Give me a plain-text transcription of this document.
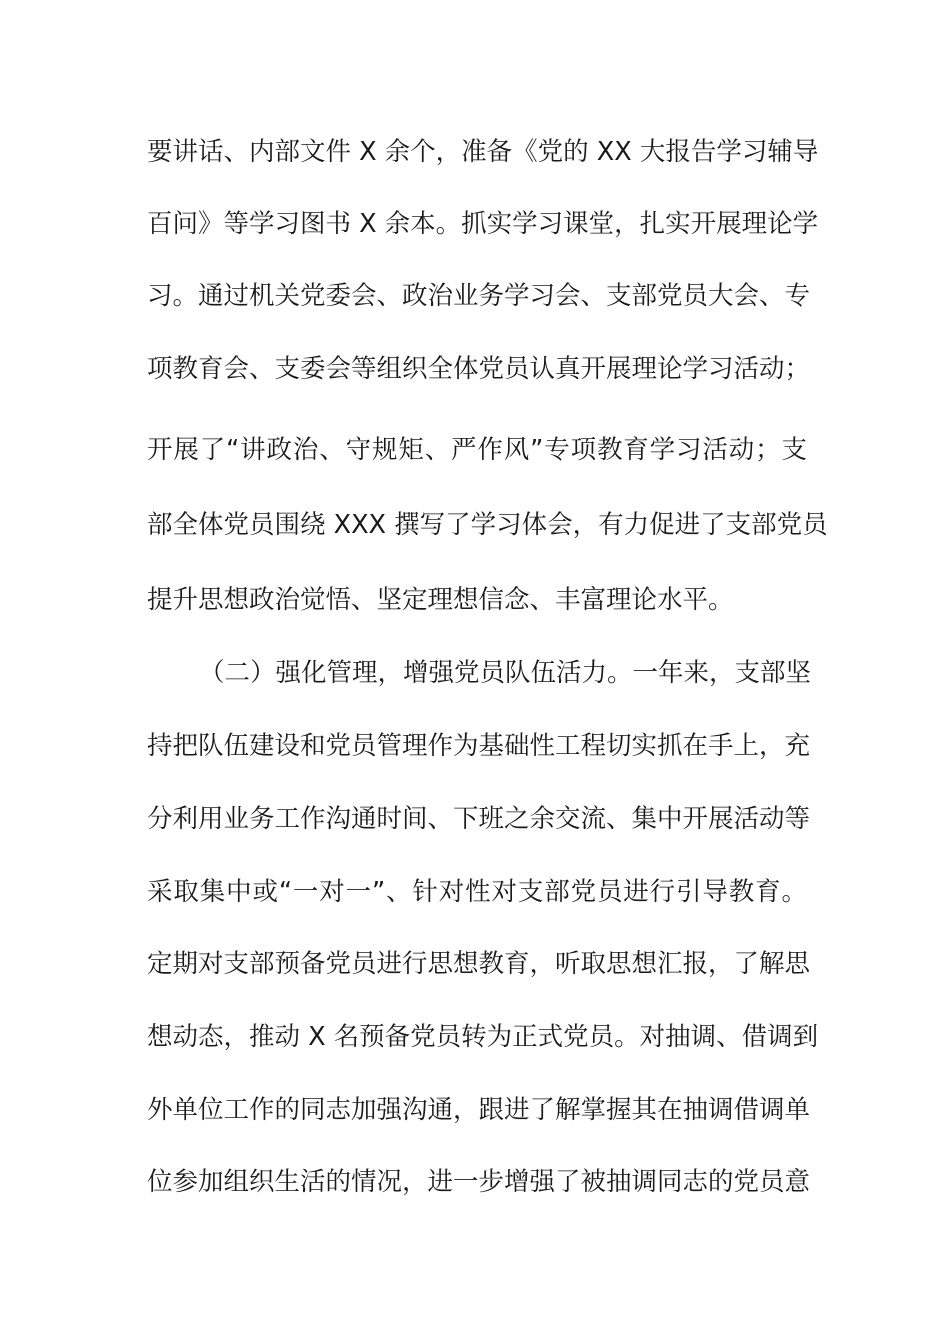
要讲话、内部文件 X 余个，准备《党的 XX 大报告学习辅导
百问》等学习图书 X 余本。抓实学习课堂，扎实开展理论学
习。通过机关党委会、政治业务学习会、支部党员大会、专
项教育会、支委会等组织全体党员认真开展理论学习活动；
开展了“讲政治、守规矩、严作风”专项教育学习活动；支
部全体党员围绕 XXX 撰写了学习体会，有力促进了支部党员
提升思想政治觉悟、坚定理想信念、丰富理论水平。
（二）强化管理，增强党员队伍活力。一年来，支部坚
持把队伍建设和党员管理作为基础性工程切实抓在手上，充
分利用业务工作沟通时间、下班之余交流、集中开展活动等
采取集中或“一对一”、针对性对支部党员进行引导教育。
定期对支部预备党员进行思想教育，听取思想汇报，了解思
想动态，推动 X 名预备党员转为正式党员。对抽调、借调到
外单位工作的同志加强沟通，跟进了解掌握其在抽调借调单
位参加组织生活的情况，进一步增强了被抽调同志的党员意
